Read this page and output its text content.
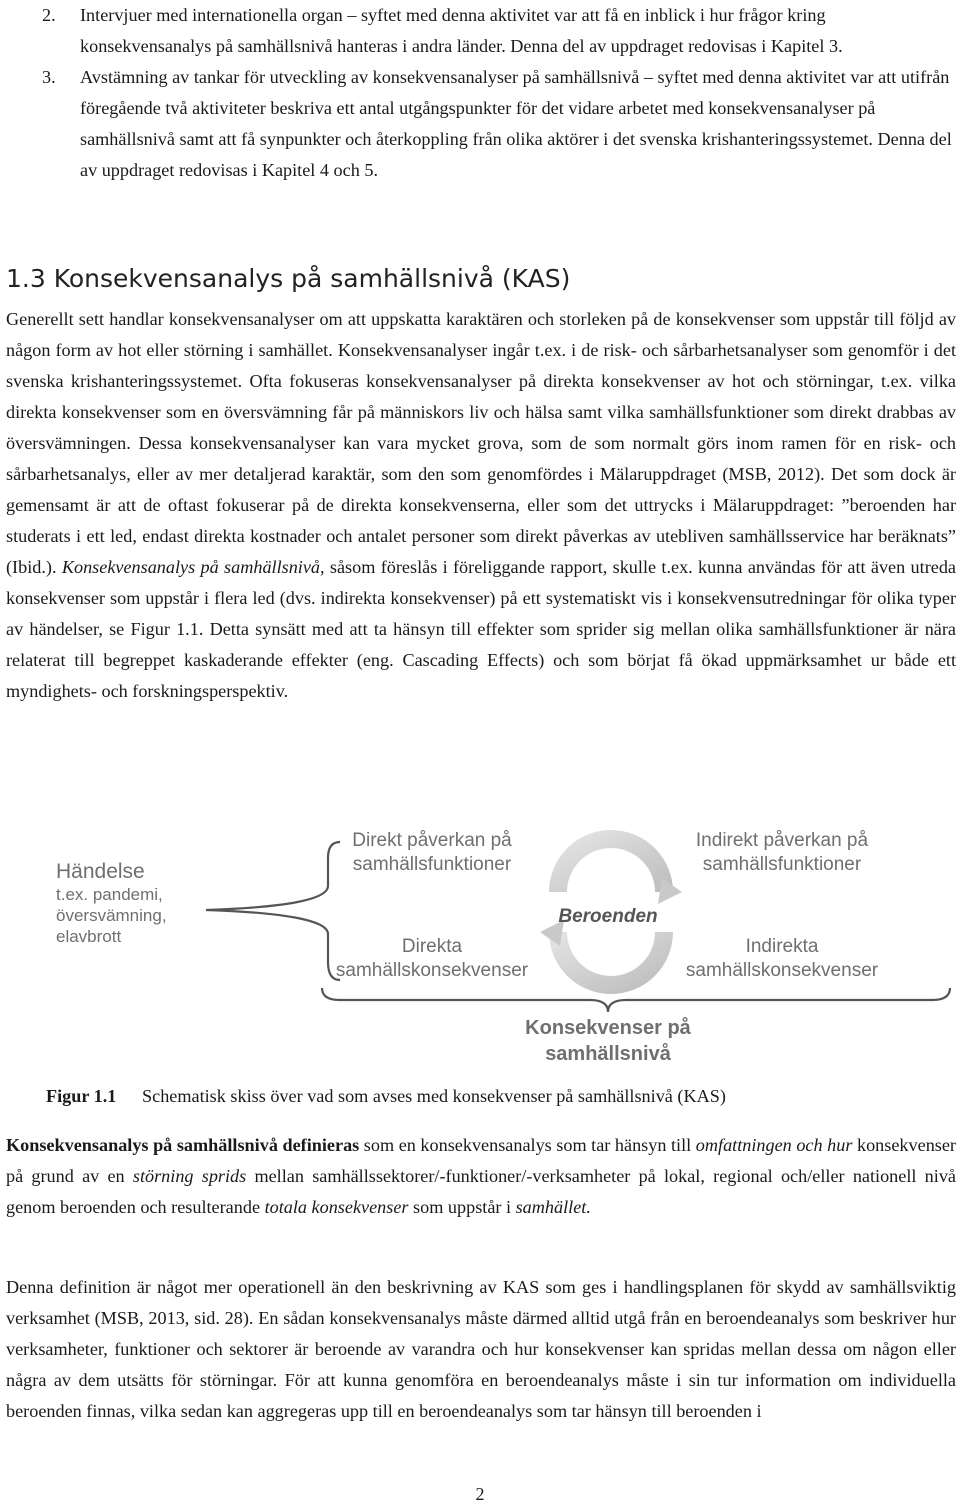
2. Intervjuer med internationella organ – syftet med denna aktivitet var att få en inblick i hur frågor kring konsekvensanalys på samhällsnivå hanteras i andra länder. Denna del av uppdraget redovisas i Kapitel 3.
3. Avstämning av tankar för utveckling av konsekvensanalyser på samhällsnivå – syftet med denna aktivitet var att utifrån föregående två aktiviteter beskriva ett antal utgångspunkter för det vidare arbetet med konsekvensanalyser på samhällsnivå samt att få synpunkter och återkoppling från olika aktörer i det svenska krishanteringssystemet. Denna del av uppdraget redovisas i Kapitel 4 och 5.
1.3 Konsekvensanalys på samhällsnivå (KAS)

Generellt sett handlar konsekvensanalyser om att uppskatta karaktären och storleken på de konsekvenser som uppstår till följd av någon form av hot eller störning i samhället. Konsekvensanalyser ingår t.ex. i de risk- och sårbarhetsanalyser som genomför i det svenska krishanteringssystemet. Ofta fokuseras konsekvensanalyser på direkta konsekvenser av hot och störningar, t.ex. vilka direkta konsekvenser som en översvämning får på människors liv och hälsa samt vilka samhällsfunktioner som direkt drabbas av översvämningen. Dessa konsekvensanalyser kan vara mycket grova, som de som normalt görs inom ramen för en risk- och sårbarhetsanalys, eller av mer detaljerad karaktär, som den som genomfördes i Mälaruppdraget (MSB, 2012). Det som dock är gemensamt är att de oftast fokuserar på de direkta konsekvenserna, eller som det uttrycks i Mälaruppdraget: ”beroenden har studerats i ett led, endast direkta kostnader och antalet personer som direkt påverkas av utebliven samhällsservice har beräknats” (Ibid.). Konsekvensanalys på samhällsnivå, såsom föreslås i föreliggande rapport, skulle t.ex. kunna användas för att även utreda konsekvenser som uppstår i flera led (dvs. indirekta konsekvenser) på ett systematiskt vis i konsekvensutredningar för olika typer av händelser, se Figur 1.1. Detta synsätt med att ta hänsyn till effekter som sprider sig mellan olika samhällsfunktioner är nära relaterat till begreppet kaskaderande effekter (eng. Cascading Effects) och som börjat få ökad uppmärksamhet ur både ett myndighets- och forskningsperspektiv.

Händelse
t.ex. pandemi,
översvämning,
elavbrott
Direkt påverkan på
samhällsfunktioner
Indirekt påverkan på
samhällsfunktioner
Beroenden
Direkta
samhällskonsekvenser
Indirekta
samhällskonsekvenser
Konsekvenser på
samhällsnivå
Figur 1.1 Schematisk skiss över vad som avses med konsekvenser på samhällsnivå (KAS)

Konsekvensanalys på samhällsnivå definieras som en konsekvensanalys som tar hänsyn till omfattningen och hur konsekvenser på grund av en störning sprids mellan samhällssektorer/-funktioner/-verksamheter på lokal, regional och/eller nationell nivå genom beroenden och resulterande totala konsekvenser som uppstår i samhället.

Denna definition är något mer operationell än den beskrivning av KAS som ges i handlingsplanen för skydd av samhällsviktig verksamhet (MSB, 2013, sid. 28). En sådan konsekvensanalys måste därmed alltid utgå från en beroendeanalys som beskriver hur verksamheter, funktioner och sektorer är beroende av varandra och hur konsekvenser kan spridas mellan dessa om någon eller några av dem utsätts för störningar. För att kunna genomföra en beroendeanalys måste i sin tur information om individuella beroenden finnas, vilka sedan kan aggregeras upp till en beroendeanalys som tar hänsyn till beroenden i

2
